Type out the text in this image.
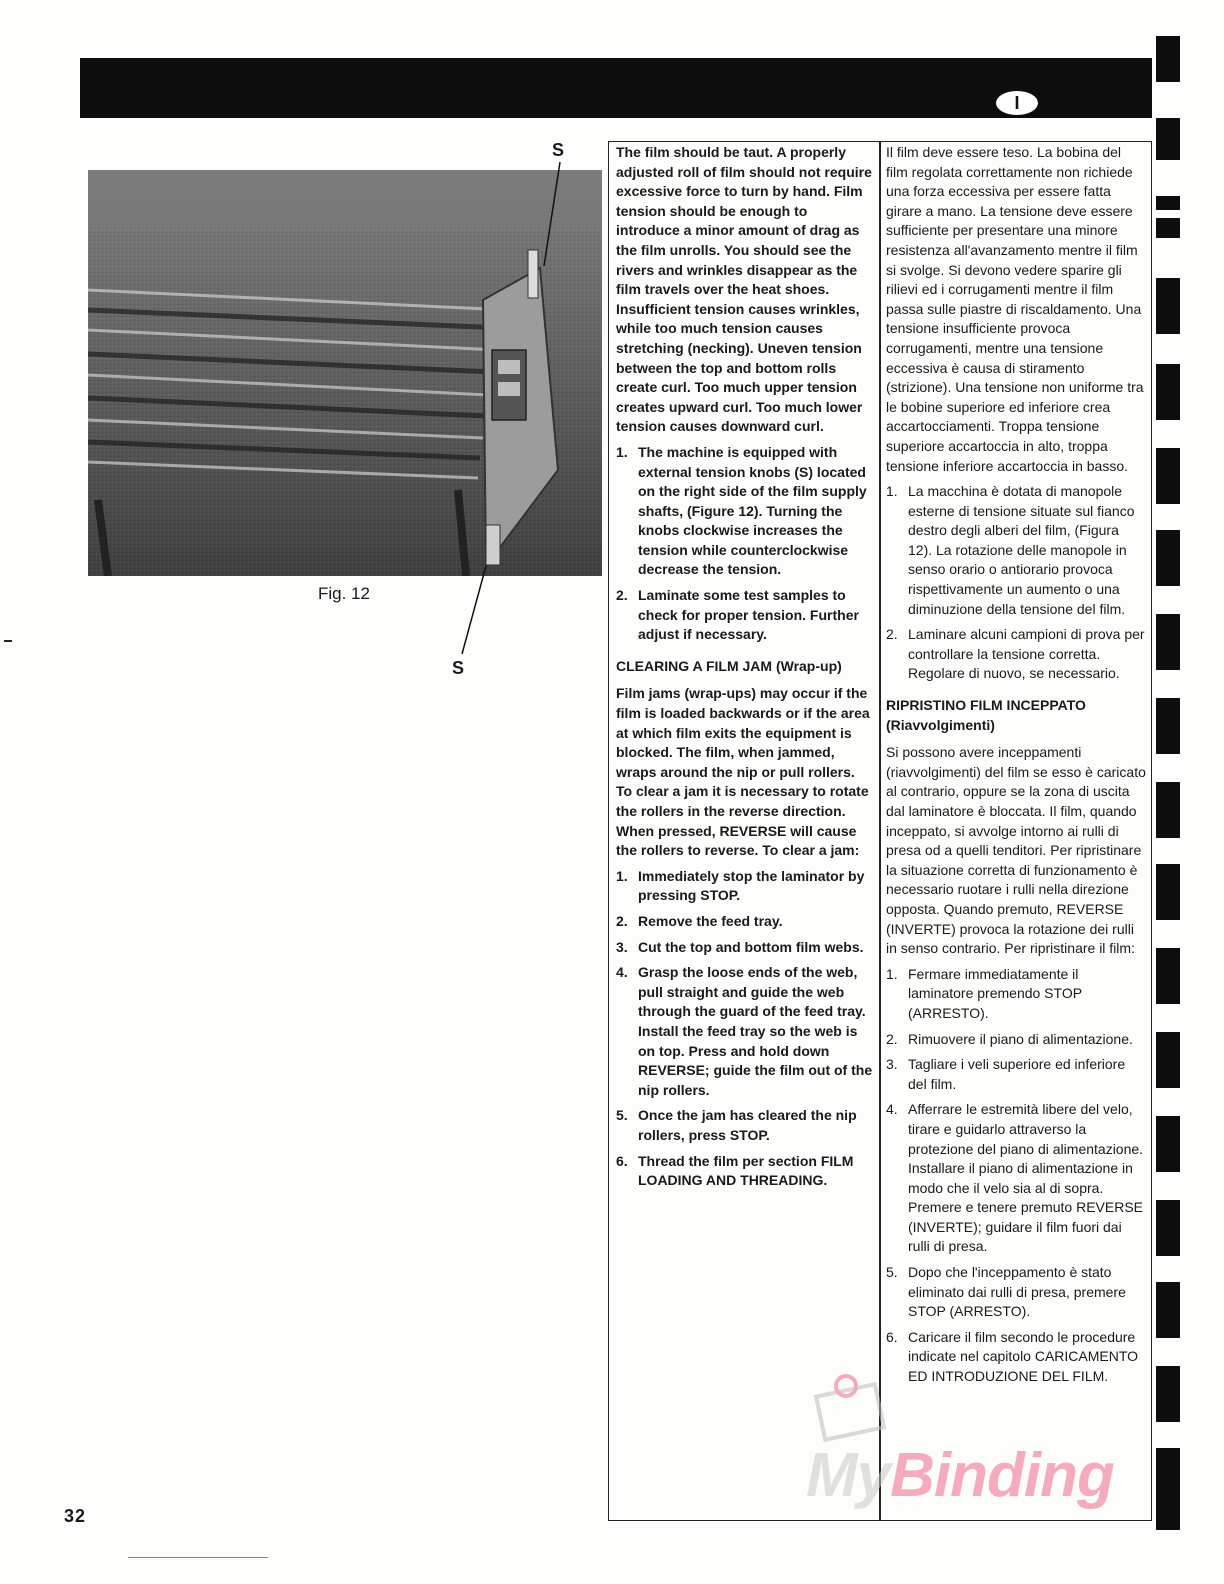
I
S
S
Fig. 12

The film should be taut. A properly adjusted roll of film should not require excessive force to turn by hand. Film tension should be enough to introduce a minor amount of drag as the film unrolls. You should see the rivers and wrinkles disappear as the film travels over the heat shoes. Insufficient tension causes wrinkles, while too much tension causes stretching (necking). Uneven tension between the top and bottom rolls create curl. Too much upper tension creates upward curl. Too much lower tension causes downward curl.

1. The machine is equipped with external tension knobs (S) located on the right side of the film supply shafts, (Figure 12). Turning the knobs clockwise increases the tension while counterclockwise decrease the tension.
2. Laminate some test samples to check for proper tension. Further adjust if necessary.
CLEARING A FILM JAM (Wrap-up)

Film jams (wrap-ups) may occur if the film is loaded backwards or if the area at which film exits the equipment is blocked. The film, when jammed, wraps around the nip or pull rollers. To clear a jam it is necessary to rotate the rollers in the reverse direction. When pressed, REVERSE will cause the rollers to reverse. To clear a jam:

1. Immediately stop the laminator by pressing STOP.
2. Remove the feed tray.
3. Cut the top and bottom film webs.
4. Grasp the loose ends of the web, pull straight and guide the web through the guard of the feed tray. Install the feed tray so the web is on top. Press and hold down REVERSE; guide the film out of the nip rollers.
5. Once the jam has cleared the nip rollers, press STOP.
6. Thread the film per section FILM LOADING AND THREADING.

Il film deve essere teso. La bobina del film regolata correttamente non richiede una forza eccessiva per essere fatta girare a mano. La tensione deve essere sufficiente per presentare una minore resistenza all'avanzamento mentre il film si svolge. Si devono vedere sparire gli rilievi ed i corrugamenti mentre il film passa sulle piastre di riscaldamento. Una tensione insufficiente provoca corrugamenti, mentre una tensione eccessiva è causa di stiramento (strizione). Una tensione non uniforme tra le bobine superiore ed inferiore crea accartocciamenti. Troppa tensione superiore accartoccia in alto, troppa tensione inferiore accartoccia in basso.

1. La macchina è dotata di manopole esterne di tensione situate sul fianco destro degli alberi del film, (Figura 12). La rotazione delle manopole in senso orario o antiorario provoca rispettivamente un aumento o una diminuzione della tensione del film.
2. Laminare alcuni campioni di prova per controllare la tensione corretta. Regolare di nuovo, se necessario.
RIPRISTINO FILM INCEPPATO (Riavvolgimenti)

Si possono avere inceppamenti (riavvolgimenti) del film se esso è caricato al contrario, oppure se la zona di uscita dal laminatore è bloccata. Il film, quando inceppato, si avvolge intorno ai rulli di presa od a quelli tenditori. Per ripristinare la situazione corretta di funzionamento è necessario ruotare i rulli nella direzione opposta. Quando premuto, REVERSE (INVERTE) provoca la rotazione dei rulli in senso contrario. Per ripristinare il film:

1. Fermare immediatamente il laminatore premendo STOP (ARRESTO).
2. Rimuovere il piano di alimentazione.
3. Tagliare i veli superiore ed inferiore del film.
4. Afferrare le estremità libere del velo, tirare e guidarlo attraverso la protezione del piano di alimentazione. Installare il piano di alimentazione in modo che il velo sia al di sopra. Premere e tenere premuto REVERSE (INVERTE); guidare il film fuori dai rulli di presa.
5. Dopo che l'inceppamento è stato eliminato dai rulli di presa, premere STOP (ARRESTO).
6. Caricare il film secondo le procedure indicate nel capitolo CARICAMENTO ED INTRODUZIONE DEL FILM.
MyBinding
32
